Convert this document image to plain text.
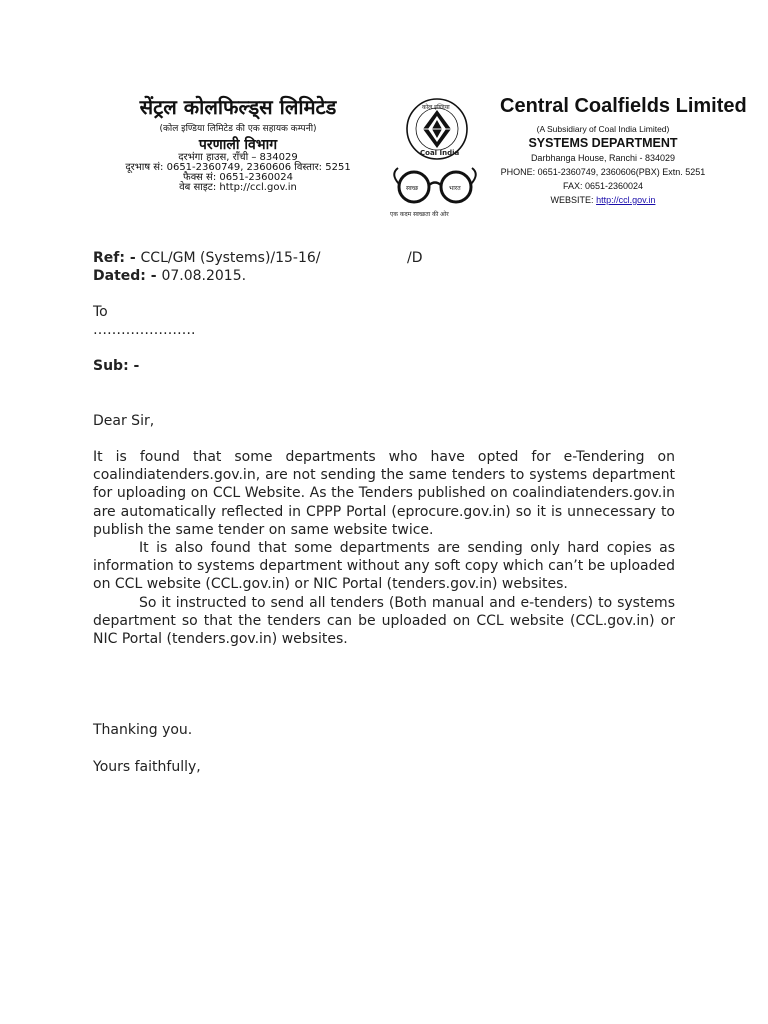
सेंट्रल कोलफिल्ड्स लिमिटेड
(कोल इण्डिया लिमिटेड की एक सहायक कम्पनी)
परणाली विभाग
दरभंगा हाउस, राँची – 834029
दूरभाष सं: 0651-2360749, 2360606 विस्तार: 5251
फैक्स सं: 0651-2360024
वेब साइट: http://ccl.gov.in
कोल इण्डिया
Coal India
स्वच्छ	भारत
एक कदम स्वच्छता की ओर
Central Coalfields Limited
(A Subsidiary of Coal India Limited)
SYSTEMS DEPARTMENT
Darbhanga House, Ranchi - 834029
PHONE: 0651-2360749, 2360606(PBX) Extn. 5251
FAX: 0651-2360024
WEBSITE: http://ccl.gov.in
Ref: - CCL/GM (Systems)/15-16/	/D
Dated: - 07.08.2015.
To
………………….
Sub: -
Dear Sir,

It is found that some departments who have opted for e-Tendering on coalindiatenders.gov.in, are not sending the same tenders to systems department for uploading on CCL Website. As the Tenders published on coalindiatenders.gov.in are automatically reflected in CPPP Portal (eprocure.gov.in) so it is unnecessary to publish the same tender on same website twice.

It is also found that some departments are sending only hard copies as information to systems department without any soft copy which can’t be uploaded on CCL website (CCL.gov.in) or NIC Portal (tenders.gov.in) websites.

So it instructed to send all tenders (Both manual and e-tenders) to systems department so that the tenders can be uploaded on CCL website (CCL.gov.in) or NIC Portal (tenders.gov.in) websites.

Thanking you.
Yours faithfully,
